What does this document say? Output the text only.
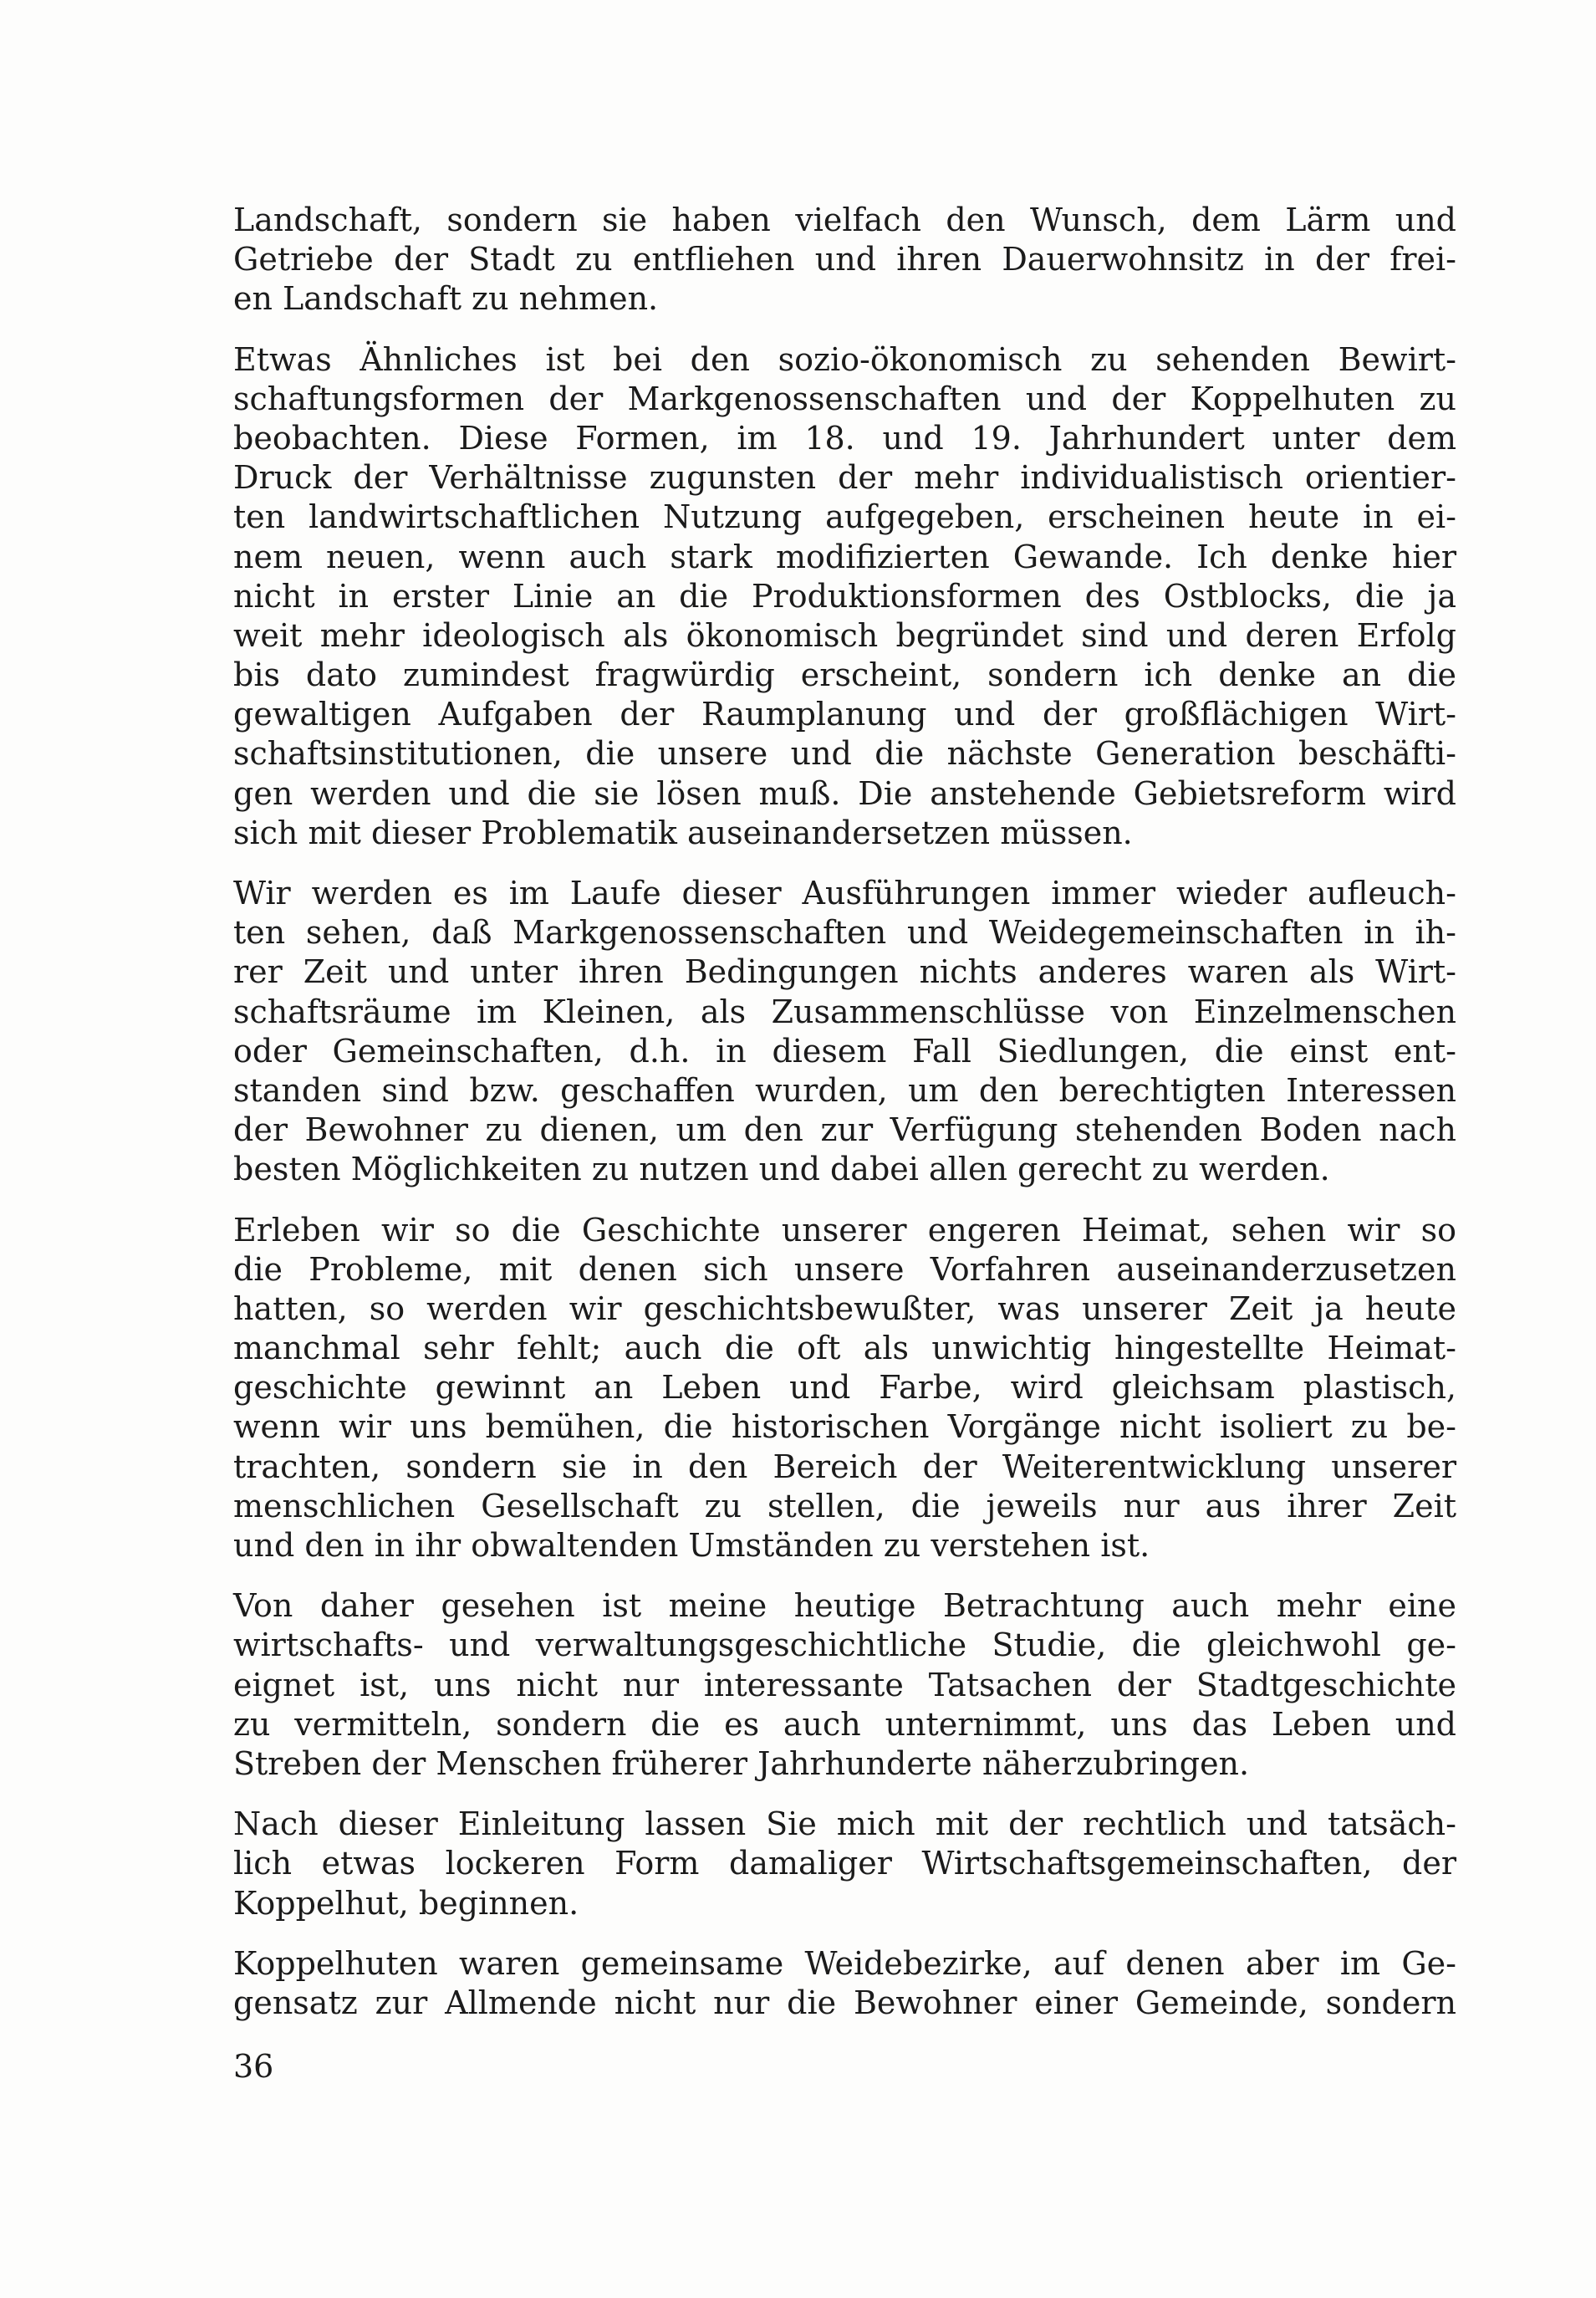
Landschaft, sondern sie haben vielfach den Wunsch, dem Lärm und
Getriebe der Stadt zu entfliehen und ihren Dauerwohnsitz in der frei-
en Landschaft zu nehmen.
Etwas Ähnliches ist bei den sozio-ökonomisch zu sehenden Bewirt-
schaftungsformen der Markgenossenschaften und der Koppelhuten zu
beobachten. Diese Formen, im 18. und 19. Jahrhundert unter dem
Druck der Verhältnisse zugunsten der mehr individualistisch orientier-
ten landwirtschaftlichen Nutzung aufgegeben, erscheinen heute in ei-
nem neuen, wenn auch stark modifizierten Gewande. Ich denke hier
nicht in erster Linie an die Produktionsformen des Ostblocks, die ja
weit mehr ideologisch als ökonomisch begründet sind und deren Erfolg
bis dato zumindest fragwürdig erscheint, sondern ich denke an die
gewaltigen Aufgaben der Raumplanung und der großflächigen Wirt-
schaftsinstitutionen, die unsere und die nächste Generation beschäfti-
gen werden und die sie lösen muß. Die anstehende Gebietsreform wird
sich mit dieser Problematik auseinandersetzen müssen.
Wir werden es im Laufe dieser Ausführungen immer wieder aufleuch-
ten sehen, daß Markgenossenschaften und Weidegemeinschaften in ih-
rer Zeit und unter ihren Bedingungen nichts anderes waren als Wirt-
schaftsräume im Kleinen, als Zusammenschlüsse von Einzelmenschen
oder Gemeinschaften, d.h. in diesem Fall Siedlungen, die einst ent-
standen sind bzw. geschaffen wurden, um den berechtigten Interessen
der Bewohner zu dienen, um den zur Verfügung stehenden Boden nach
besten Möglichkeiten zu nutzen und dabei allen gerecht zu werden.
Erleben wir so die Geschichte unserer engeren Heimat, sehen wir so
die Probleme, mit denen sich unsere Vorfahren auseinanderzusetzen
hatten, so werden wir geschichtsbewußter, was unserer Zeit ja heute
manchmal sehr fehlt; auch die oft als unwichtig hingestellte Heimat-
geschichte gewinnt an Leben und Farbe, wird gleichsam plastisch,
wenn wir uns bemühen, die historischen Vorgänge nicht isoliert zu be-
trachten, sondern sie in den Bereich der Weiterentwicklung unserer
menschlichen Gesellschaft zu stellen, die jeweils nur aus ihrer Zeit
und den in ihr obwaltenden Umständen zu verstehen ist.
Von daher gesehen ist meine heutige Betrachtung auch mehr eine
wirtschafts- und verwaltungsgeschichtliche Studie, die gleichwohl ge-
eignet ist, uns nicht nur interessante Tatsachen der Stadtgeschichte
zu vermitteln, sondern die es auch unternimmt, uns das Leben und
Streben der Menschen früherer Jahrhunderte näherzubringen.
Nach dieser Einleitung lassen Sie mich mit der rechtlich und tatsäch-
lich etwas lockeren Form damaliger Wirtschaftsgemeinschaften, der
Koppelhut, beginnen.
Koppelhuten waren gemeinsame Weidebezirke, auf denen aber im Ge-
gensatz zur Allmende nicht nur die Bewohner einer Gemeinde, sondern
36
